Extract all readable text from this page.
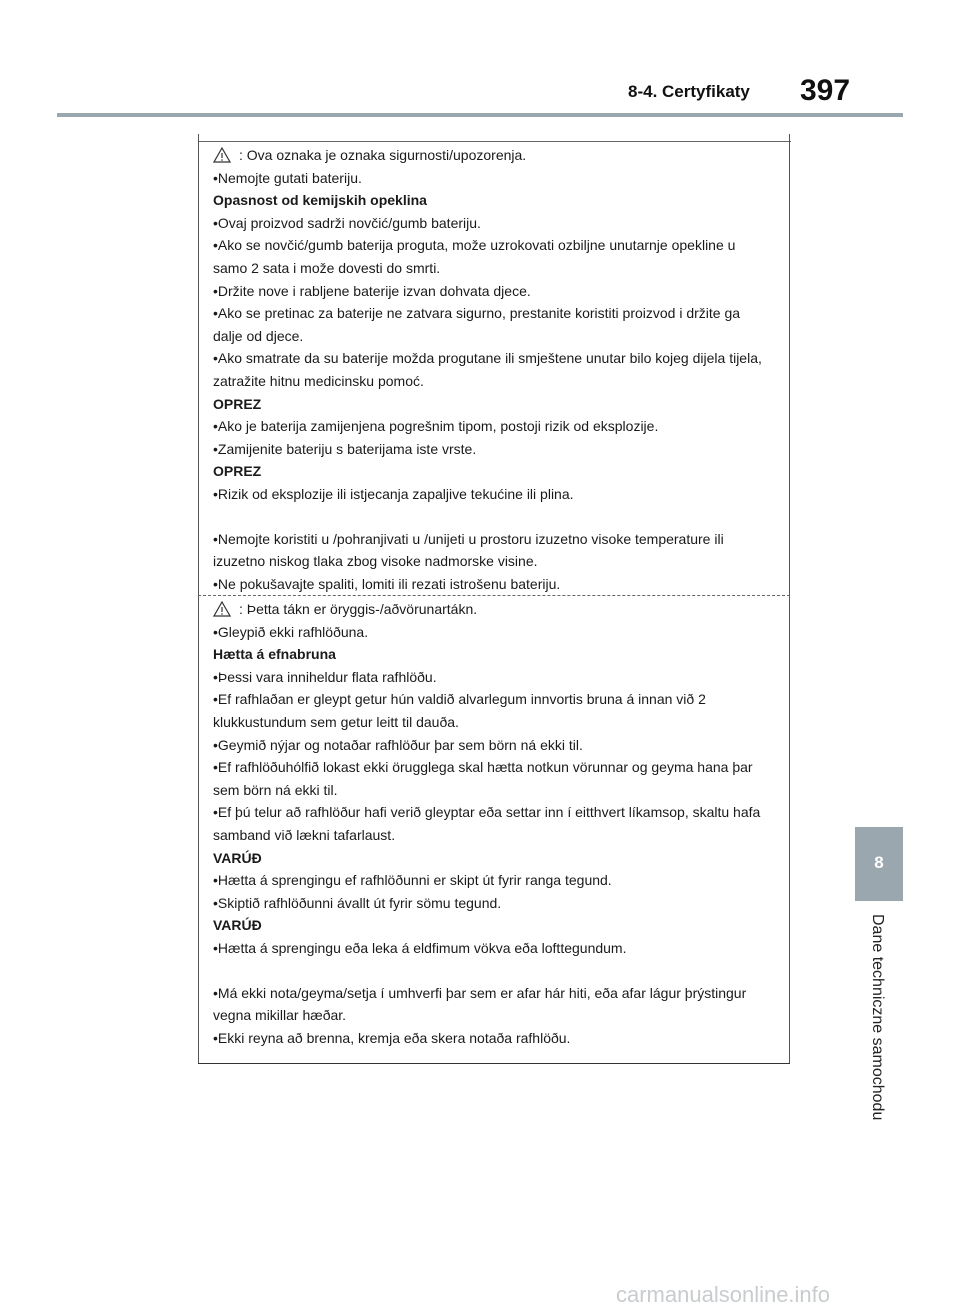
8-4. Certyfikaty 397
8
Dane techniczne samochodu

: Ova oznaka je oznaka sigurnosti/upozorenja.

•Nemojte gutati bateriju.

Opasnost od kemijskih opeklina

•Ovaj proizvod sadrži novčić/gumb bateriju.

•Ako se novčić/gumb baterija proguta, može uzrokovati ozbiljne unutarnje opekline u samo 2 sata i može dovesti do smrti.

•Držite nove i rabljene baterije izvan dohvata djece.

•Ako se pretinac za baterije ne zatvara sigurno, prestanite koristiti proizvod i držite ga dalje od djece.

•Ako smatrate da su baterije možda progutane ili smještene unutar bilo kojeg dijela tijela, zatražite hitnu medicinsku pomoć.

OPREZ

•Ako je baterija zamijenjena pogrešnim tipom, postoji rizik od eksplozije.

•Zamijenite bateriju s baterijama iste vrste.

OPREZ

•Rizik od eksplozije ili istjecanja zapaljive tekućine ili plina.

•Nemojte koristiti u /pohranjivati u /unijeti u prostoru izuzetno visoke temperature ili izuzetno niskog tlaka zbog visoke nadmorske visine.

•Ne pokušavajte spaliti, lomiti ili rezati istrošenu bateriju.

: Þetta tákn er öryggis-/aðvörunartákn.

•Gleypið ekki rafhlöðuna.

Hætta á efnabruna

•Þessi vara inniheldur flata rafhlöðu.

•Ef rafhlaðan er gleypt getur hún valdið alvarlegum innvortis bruna á innan við 2 klukkustundum sem getur leitt til dauða.

•Geymið nýjar og notaðar rafhlöður þar sem börn ná ekki til.

•Ef rafhlöðuhólfið lokast ekki örugglega skal hætta notkun vörunnar og geyma hana þar sem börn ná ekki til.

•Ef þú telur að rafhlöður hafi verið gleyptar eða settar inn í eitthvert líkamsop, skaltu hafa samband við lækni tafarlaust.

VARÚÐ

•Hætta á sprengingu ef rafhlöðunni er skipt út fyrir ranga tegund.

•Skiptið rafhlöðunni ávallt út fyrir sömu tegund.

VARÚÐ

•Hætta á sprengingu eða leka á eldfimum vökva eða lofttegundum.

•Má ekki nota/geyma/setja í umhverfi þar sem er afar hár hiti, eða afar lágur þrýstingur vegna mikillar hæðar.

•Ekki reyna að brenna, kremja eða skera notaða rafhlöðu.

carmanualsonline.info
